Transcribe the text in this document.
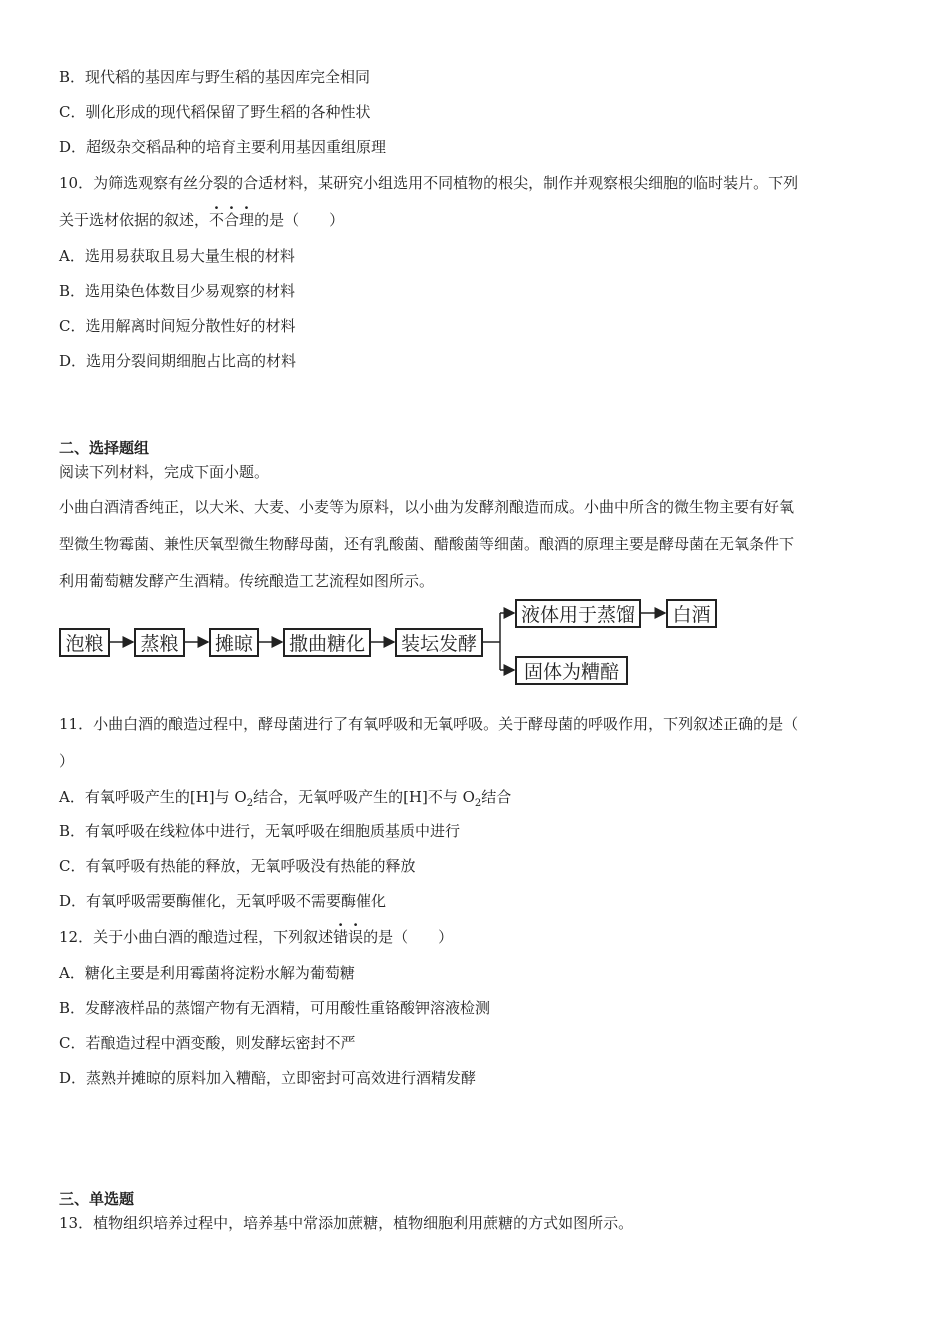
B．现代稻的基因库与野生稻的基因库完全相同
C．驯化形成的现代稻保留了野生稻的各种性状
D．超级杂交稻品种的培育主要利用基因重组原理
10．为筛选观察有丝分裂的合适材料，某研究小组选用不同植物的根尖，制作并观察根尖细胞的临时装片。下列
关于选材依据的叙述，不合理的是（　　）
A．选用易获取且易大量生根的材料
B．选用染色体数目少易观察的材料
C．选用解离时间短分散性好的材料
D．选用分裂间期细胞占比高的材料
二、选择题组
阅读下列材料，完成下面小题。
小曲白酒清香纯正，以大米、大麦、小麦等为原料，以小曲为发酵剂酿造而成。小曲中所含的微生物主要有好氧
型微生物霉菌、兼性厌氧型微生物酵母菌，还有乳酸菌、醋酸菌等细菌。酿酒的原理主要是酵母菌在无氧条件下
利用葡萄糖发酵产生酒精。传统酿造工艺流程如图所示。
泡粮	蒸粮	摊晾	撒曲糖化	装坛发酵
液体用于蒸馏	白酒
固体为糟醅
11．小曲白酒的酿造过程中，酵母菌进行了有氧呼吸和无氧呼吸。关于酵母菌的呼吸作用，下列叙述正确的是（
）
A．有氧呼吸产生的[H]与 $O_2$结合，无氧呼吸产生的[H]不与 $O_2$结合
B．有氧呼吸在线粒体中进行，无氧呼吸在细胞质基质中进行
C．有氧呼吸有热能的释放，无氧呼吸没有热能的释放
D．有氧呼吸需要酶催化，无氧呼吸不需要酶催化
12．关于小曲白酒的酿造过程，下列叙述错误的是（　　）
A．糖化主要是利用霉菌将淀粉水解为葡萄糖
B．发酵液样品的蒸馏产物有无酒精，可用酸性重铬酸钾溶液检测
C．若酿造过程中酒变酸，则发酵坛密封不严
D．蒸熟并摊晾的原料加入糟醅，立即密封可高效进行酒精发酵
三、单选题
13．植物组织培养过程中，培养基中常添加蔗糖，植物细胞利用蔗糖的方式如图所示。
